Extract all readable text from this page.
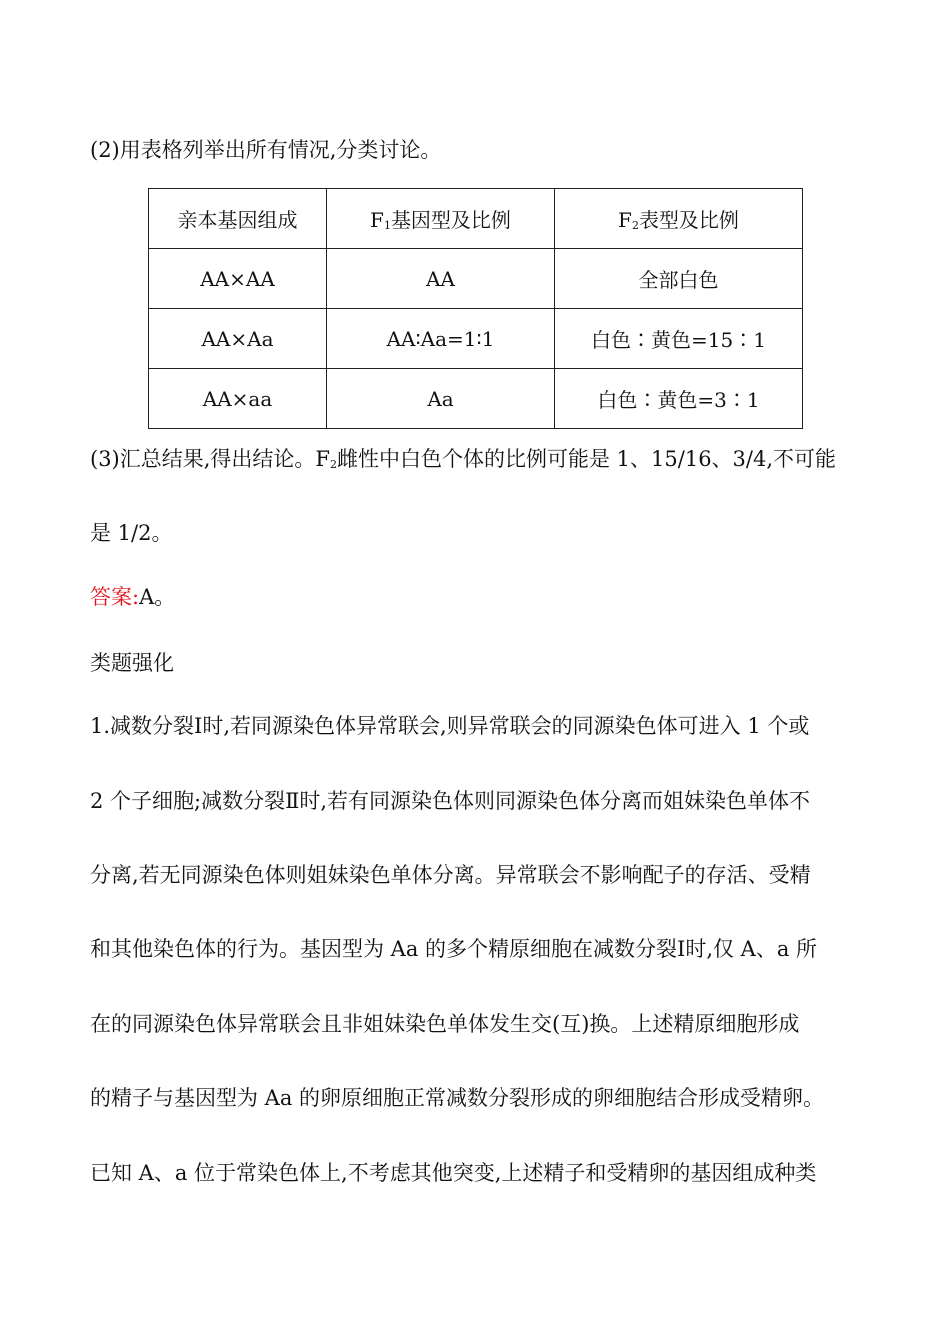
(2)用表格列举出所有情况,分类讨论。
亲本基因组成	$F_1$基因型及比例	$F_2$表型及比例
AA×AA	AA	全部白色
AA×Aa	AA∶Aa=1∶1	白色∶黄色=15∶1
AA×aa	Aa	白色∶黄色=3∶1
(3)汇总结果,得出结论。$F_2$雌性中白色个体的比例可能是 1、15/16、3/4,不可能
是 1/2。
答案:A。
类题强化
1.减数分裂Ⅰ时,若同源染色体异常联会,则异常联会的同源染色体可进入 1 个或
2 个子细胞;减数分裂Ⅱ时,若有同源染色体则同源染色体分离而姐妹染色单体不
分离,若无同源染色体则姐妹染色单体分离。异常联会不影响配子的存活、受精
和其他染色体的行为。基因型为 Aa 的多个精原细胞在减数分裂Ⅰ时,仅 A、a 所
在的同源染色体异常联会且非姐妹染色单体发生交(互)换。上述精原细胞形成
的精子与基因型为 Aa 的卵原细胞正常减数分裂形成的卵细胞结合形成受精卵。
已知 A、a 位于常染色体上,不考虑其他突变,上述精子和受精卵的基因组成种类
